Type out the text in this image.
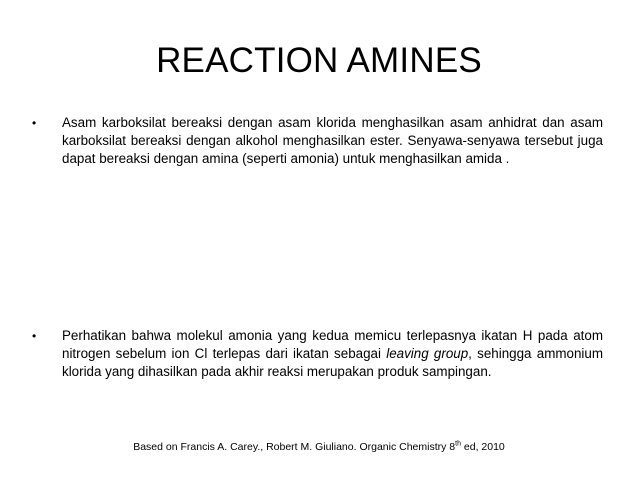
REACTION AMINES
•	Asam karboksilat bereaksi dengan asam klorida menghasilkan asam anhidrat dan asam karboksilat bereaksi dengan alkohol menghasilkan ester. Senyawa-senyawa tersebut juga dapat bereaksi dengan amina (seperti amonia) untuk menghasilkan amida .
•	Perhatikan bahwa molekul amonia yang kedua memicu terlepasnya ikatan H pada atom nitrogen sebelum ion Cl terlepas dari ikatan sebagai leaving group, sehingga ammonium klorida yang dihasilkan pada akhir reaksi merupakan produk sampingan.
Based on Francis A. Carey., Robert M. Giuliano. Organic Chemistry 8th ed, 2010
